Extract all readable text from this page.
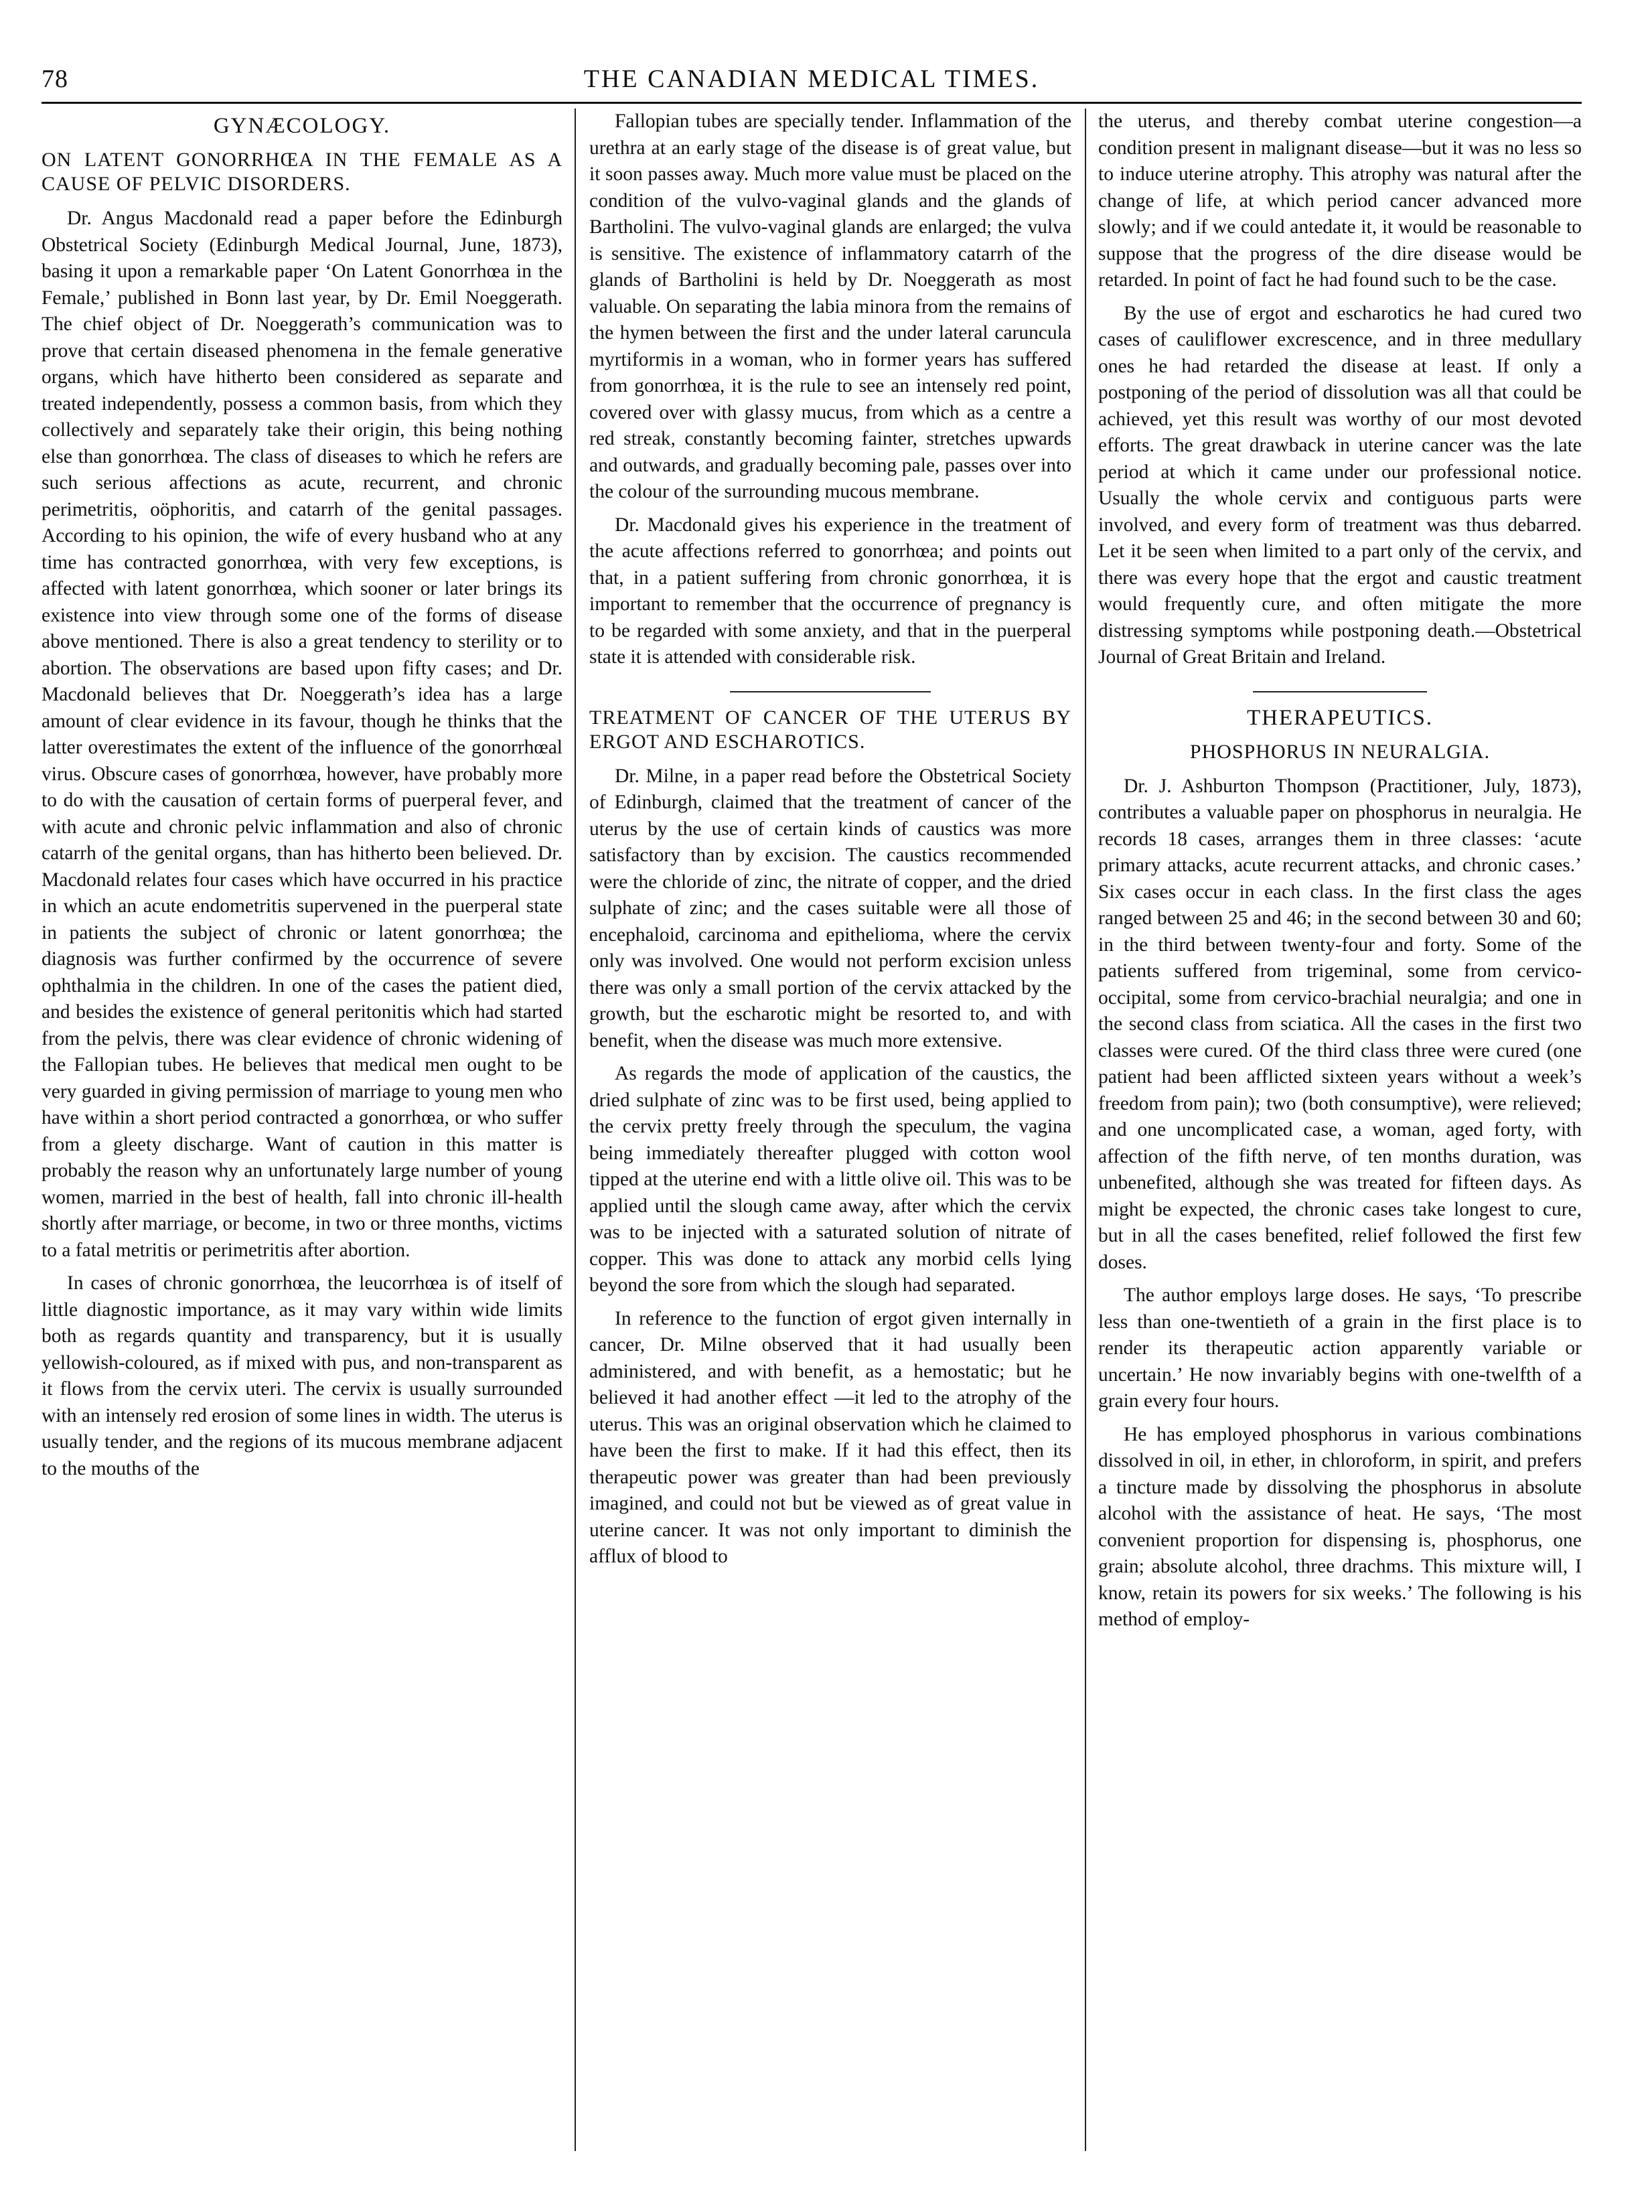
78	THE CANADIAN MEDICAL TIMES.
GYNÆCOLOGY.
ON LATENT GONORRHŒA IN THE FEMALE AS A CAUSE OF PELVIC DISORDERS.

Dr. Angus Macdonald read a paper before the Edinburgh Obstetrical Society (Edinburgh Medical Journal, June, 1873), basing it upon a remarkable paper ‘On Latent Gonorrhœa in the Female,’ published in Bonn last year, by Dr. Emil Noeggerath. The chief object of Dr. Noeggerath’s communication was to prove that certain diseased phenomena in the female generative organs, which have hitherto been considered as separate and treated independently, possess a common basis, from which they collectively and separately take their origin, this being nothing else than gonorrhœa. The class of diseases to which he refers are such serious affections as acute, recurrent, and chronic perimetritis, oöphoritis, and catarrh of the genital passages. According to his opinion, the wife of every husband who at any time has contracted gonorrhœa, with very few exceptions, is affected with latent gonorrhœa, which sooner or later brings its existence into view through some one of the forms of disease above mentioned. There is also a great tendency to sterility or to abortion. The observations are based upon fifty cases; and Dr. Macdonald believes that Dr. Noeggerath’s idea has a large amount of clear evidence in its favour, though he thinks that the latter overestimates the extent of the influence of the gonorrhœal virus. Obscure cases of gonorrhœa, however, have probably more to do with the causation of certain forms of puerperal fever, and with acute and chronic pelvic inflammation and also of chronic catarrh of the genital organs, than has hitherto been believed. Dr. Macdonald relates four cases which have occurred in his practice in which an acute endometritis supervened in the puerperal state in patients the subject of chronic or latent gonorrhœa; the diagnosis was further confirmed by the occurrence of severe ophthalmia in the children. In one of the cases the patient died, and besides the existence of general peritonitis which had started from the pelvis, there was clear evidence of chronic widening of the Fallopian tubes. He believes that medical men ought to be very guarded in giving permission of marriage to young men who have within a short period contracted a gonorrhœa, or who suffer from a gleety discharge. Want of caution in this matter is probably the reason why an unfortunately large number of young women, married in the best of health, fall into chronic ill-health shortly after marriage, or become, in two or three months, victims to a fatal metritis or perimetritis after abortion.

In cases of chronic gonorrhœa, the leucorrhœa is of itself of little diagnostic importance, as it may vary within wide limits both as regards quantity and transparency, but it is usually yellowish-coloured, as if mixed with pus, and non-transparent as it flows from the cervix uteri. The cervix is usually surrounded with an intensely red erosion of some lines in width. The uterus is usually tender, and the regions of its mucous membrane adjacent to the mouths of the

Fallopian tubes are specially tender. Inflammation of the urethra at an early stage of the disease is of great value, but it soon passes away. Much more value must be placed on the condition of the vulvo-vaginal glands and the glands of Bartholini. The vulvo-vaginal glands are enlarged; the vulva is sensitive. The existence of inflammatory catarrh of the glands of Bartholini is held by Dr. Noeggerath as most valuable. On separating the labia minora from the remains of the hymen between the first and the under lateral caruncula myrtiformis in a woman, who in former years has suffered from gonorrhœa, it is the rule to see an intensely red point, covered over with glassy mucus, from which as a centre a red streak, constantly becoming fainter, stretches upwards and outwards, and gradually becoming pale, passes over into the colour of the surrounding mucous membrane.

Dr. Macdonald gives his experience in the treatment of the acute affections referred to gonorrhœa; and points out that, in a patient suffering from chronic gonorrhœa, it is important to remember that the occurrence of pregnancy is to be regarded with some anxiety, and that in the puerperal state it is attended with considerable risk.

TREATMENT OF CANCER OF THE UTERUS BY ERGOT AND ESCHAROTICS.

Dr. Milne, in a paper read before the Obstetrical Society of Edinburgh, claimed that the treatment of cancer of the uterus by the use of certain kinds of caustics was more satisfactory than by excision. The caustics recommended were the chloride of zinc, the nitrate of copper, and the dried sulphate of zinc; and the cases suitable were all those of encephaloid, carcinoma and epithelioma, where the cervix only was involved. One would not perform excision unless there was only a small portion of the cervix attacked by the growth, but the escharotic might be resorted to, and with benefit, when the disease was much more extensive.

As regards the mode of application of the caustics, the dried sulphate of zinc was to be first used, being applied to the cervix pretty freely through the speculum, the vagina being immediately thereafter plugged with cotton wool tipped at the uterine end with a little olive oil. This was to be applied until the slough came away, after which the cervix was to be injected with a saturated solution of nitrate of copper. This was done to attack any morbid cells lying beyond the sore from which the slough had separated.

In reference to the function of ergot given internally in cancer, Dr. Milne observed that it had usually been administered, and with benefit, as a hemostatic; but he believed it had another effect —it led to the atrophy of the uterus. This was an original observation which he claimed to have been the first to make. If it had this effect, then its therapeutic power was greater than had been previously imagined, and could not but be viewed as of great value in uterine cancer. It was not only important to diminish the afflux of blood to

the uterus, and thereby combat uterine congestion—a condition present in malignant disease—but it was no less so to induce uterine atrophy. This atrophy was natural after the change of life, at which period cancer advanced more slowly; and if we could antedate it, it would be reasonable to suppose that the progress of the dire disease would be retarded. In point of fact he had found such to be the case.

By the use of ergot and escharotics he had cured two cases of cauliflower excrescence, and in three medullary ones he had retarded the disease at least. If only a postponing of the period of dissolution was all that could be achieved, yet this result was worthy of our most devoted efforts. The great drawback in uterine cancer was the late period at which it came under our professional notice. Usually the whole cervix and contiguous parts were involved, and every form of treatment was thus debarred. Let it be seen when limited to a part only of the cervix, and there was every hope that the ergot and caustic treatment would frequently cure, and often mitigate the more distressing symptoms while postponing death.—Obstetrical Journal of Great Britain and Ireland.

THERAPEUTICS.
PHOSPHORUS IN NEURALGIA.

Dr. J. Ashburton Thompson (Practitioner, July, 1873), contributes a valuable paper on phosphorus in neuralgia. He records 18 cases, arranges them in three classes: ‘acute primary attacks, acute recurrent attacks, and chronic cases.’ Six cases occur in each class. In the first class the ages ranged between 25 and 46; in the second between 30 and 60; in the third between twenty-four and forty. Some of the patients suffered from trigeminal, some from cervico-occipital, some from cervico-brachial neuralgia; and one in the second class from sciatica. All the cases in the first two classes were cured. Of the third class three were cured (one patient had been afflicted sixteen years without a week’s freedom from pain); two (both consumptive), were relieved; and one uncomplicated case, a woman, aged forty, with affection of the fifth nerve, of ten months duration, was unbenefited, although she was treated for fifteen days. As might be expected, the chronic cases take longest to cure, but in all the cases benefited, relief followed the first few doses.

The author employs large doses. He says, ‘To prescribe less than one-twentieth of a grain in the first place is to render its therapeutic action apparently variable or uncertain.’ He now invariably begins with one-twelfth of a grain every four hours.

He has employed phosphorus in various combinations dissolved in oil, in ether, in chloroform, in spirit, and prefers a tincture made by dissolving the phosphorus in absolute alcohol with the assistance of heat. He says, ‘The most convenient proportion for dispensing is, phosphorus, one grain; absolute alcohol, three drachms. This mixture will, I know, retain its powers for six weeks.’ The following is his method of employ-
